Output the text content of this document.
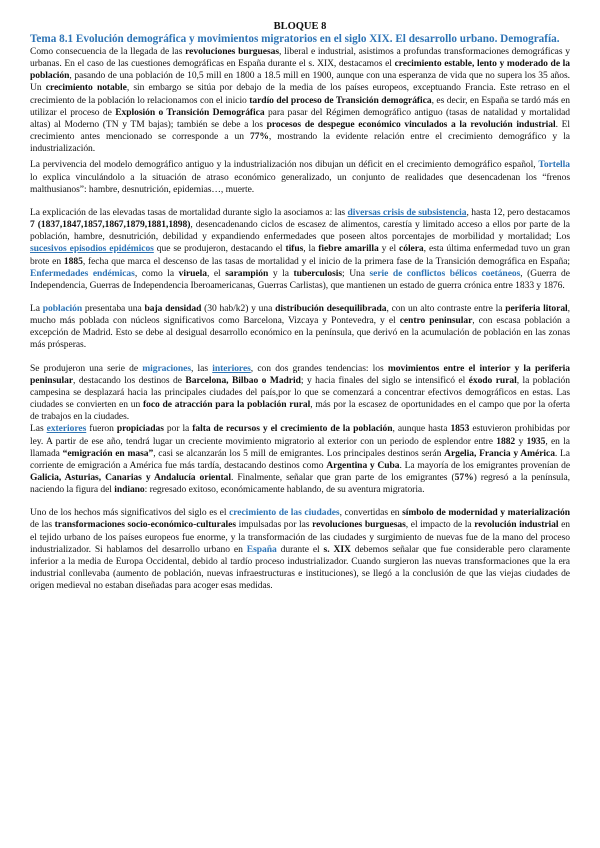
BLOQUE 8
Tema 8.1 Evolución demográfica y movimientos migratorios en el siglo XIX. El desarrollo urbano. Demografía.

Como consecuencia de la llegada de las revoluciones burguesas, liberal e industrial, asistimos a profundas transformaciones demográficas y urbanas. En el caso de las cuestiones demográficas en España durante el s. XIX, destacamos el crecimiento estable, lento y moderado de la población, pasando de una población de 10,5 mill en 1800 a 18.5 mill en 1900, aunque con una esperanza de vida que no supera los 35 años. Un crecimiento notable, sin embargo se sitúa por debajo de la media de los países europeos, exceptuando Francia. Este retraso en el crecimiento de la población lo relacionamos con el inicio tardío del proceso de Transición demográfica, es decir, en España se tardó más en utilizar el proceso de Explosión o Transición Demográfica para pasar del Régimen demográfico antiguo (tasas de natalidad y mortalidad altas) al Moderno (TN y TM bajas); también se debe a los procesos de despegue económico vinculados a la revolución industrial. El crecimiento antes mencionado se corresponde a un 77%, mostrando la evidente relación entre el crecimiento demográfico y la industrialización.

La pervivencia del modelo demográfico antiguo y la industrialización nos dibujan un déficit en el crecimiento demográfico español, Tortella lo explica vinculándolo a la situación de atraso económico generalizado, un conjunto de realidades que desencadenan los “frenos malthusianos”: hambre, desnutrición, epidemias…, muerte.

La explicación de las elevadas tasas de mortalidad durante siglo la asociamos a: las diversas crisis de subsistencia, hasta 12, pero destacamos 7 (1837,1847,1857,1867,1879,1881,1898), desencadenando ciclos de escasez de alimentos, carestía y limitado acceso a ellos por parte de la población, hambre, desnutrición, debilidad y expandiendo enfermedades que poseen altos porcentajes de morbilidad y mortalidad; Los sucesivos episodios epidémicos que se produjeron, destacando el tifus, la fiebre amarilla y el cólera, esta última enfermedad tuvo un gran brote en 1885, fecha que marca el descenso de las tasas de mortalidad y el inicio de la primera fase de la Transición demográfica en España; Enfermedades endémicas, como la viruela, el sarampión y la tuberculosis; Una serie de conflictos bélicos coetáneos, (Guerra de Independencia, Guerras de Independencia Iberoamericanas, Guerras Carlistas), que mantienen un estado de guerra crónica entre 1833 y 1876.

La población presentaba una baja densidad (30 hab/k2) y una distribución desequilibrada, con un alto contraste entre la periferia litoral, mucho más poblada con núcleos significativos como Barcelona, Vizcaya y Pontevedra, y el centro peninsular, con escasa población a excepción de Madrid. Esto se debe al desigual desarrollo económico en la península, que derivó en la acumulación de población en las zonas más prósperas.

Se produjeron una serie de migraciones, las interiores, con dos grandes tendencias: los movimientos entre el interior y la periferia peninsular, destacando los destinos de Barcelona, Bilbao o Madrid; y hacia finales del siglo se intensificó el éxodo rural, la población campesina se desplazará hacia las principales ciudades del país,por lo que se comenzará a concentrar efectivos demográficos en estas. Las ciudades se convierten en un foco de atracción para la población rural, más por la escasez de oportunidades en el campo que por la oferta de trabajos en la ciudades.

Las exteriores fueron propiciadas por la falta de recursos y el crecimiento de la población, aunque hasta 1853 estuvieron prohibidas por ley. A partir de ese año, tendrá lugar un creciente movimiento migratorio al exterior con un periodo de esplendor entre 1882 y 1935, en la llamada “emigración en masa”, casi se alcanzarán los 5 mill de emigrantes. Los principales destinos serán Argelia, Francia y América. La corriente de emigración a América fue más tardía, destacando destinos como Argentina y Cuba. La mayoría de los emigrantes provenían de Galicia, Asturias, Canarias y Andalucía oriental. Finalmente, señalar que gran parte de los emigrantes (57%) regresó a la península, naciendo la figura del indiano: regresado exitoso, económicamente hablando, de su aventura migratoria.

Uno de los hechos más significativos del siglo es el crecimiento de las ciudades, convertidas en símbolo de modernidad y materialización de las transformaciones socio-económico-culturales impulsadas por las revoluciones burguesas, el impacto de la revolución industrial en el tejido urbano de los países europeos fue enorme, y la transformación de las ciudades y surgimiento de nuevas fue de la mano del proceso industrializador. Si hablamos del desarrollo urbano en España durante el s. XIX debemos señalar que fue considerable pero claramente inferior a la media de Europa Occidental, debido al tardío proceso industrializador. Cuando surgieron las nuevas transformaciones que la era industrial conllevaba (aumento de población, nuevas infraestructuras e instituciones), se llegó a la conclusión de que las viejas ciudades de origen medieval no estaban diseñadas para acoger esas medidas.
